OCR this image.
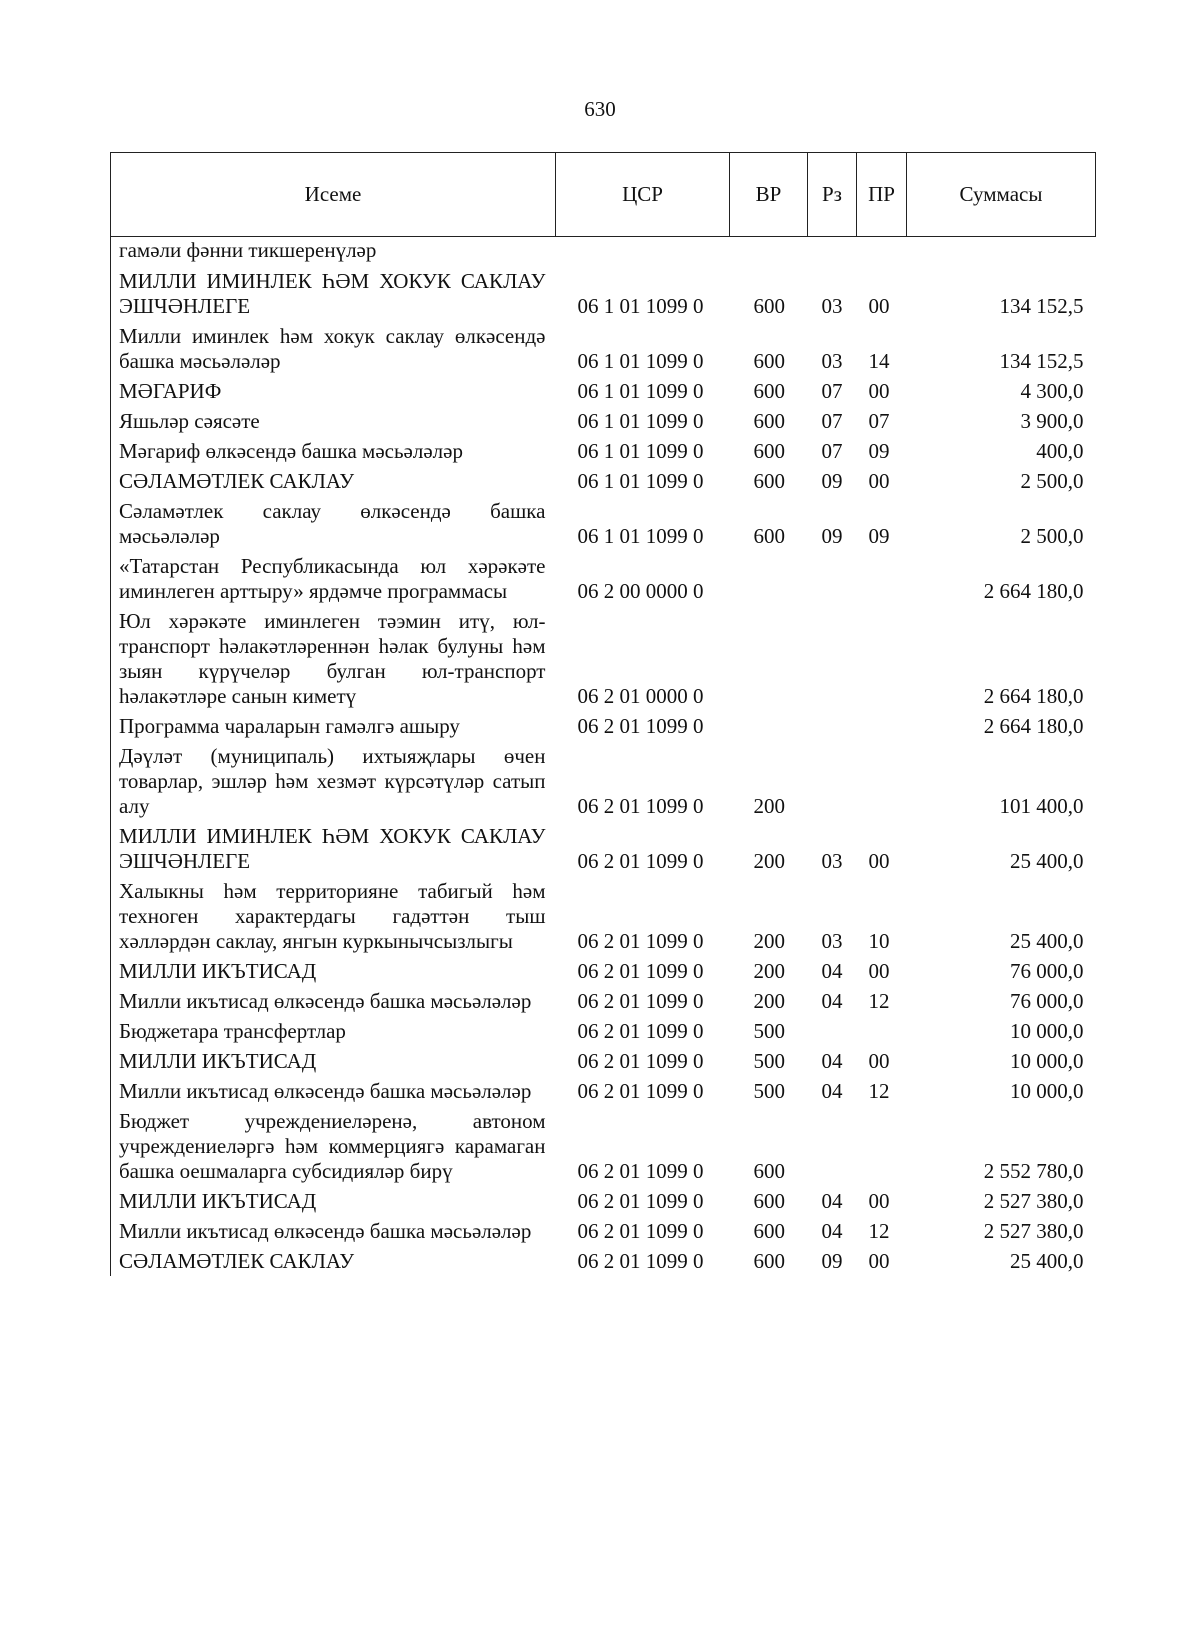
630
Исеме	ЦСР	ВР	Рз	ПР	Суммасы
гамәли фәнни тикшеренүләр					
МИЛЛИ ИМИНЛЕК ҺӘМ ХОКУК САКЛАУ ЭШЧӘНЛЕГЕ	06 1 01 1099 0	600	03	00	134 152,5
Милли иминлек һәм хокук саклау өлкәсендә башка мәсьәләләр	06 1 01 1099 0	600	03	14	134 152,5
МӘГАРИФ	06 1 01 1099 0	600	07	00	4 300,0
Яшьләр сәясәте	06 1 01 1099 0	600	07	07	3 900,0
Мәгариф өлкәсендә башка мәсьәләләр	06 1 01 1099 0	600	07	09	400,0
СӘЛАМӘТЛЕК САКЛАУ	06 1 01 1099 0	600	09	00	2 500,0
Сәламәтлек саклау өлкәсендә башка мәсьәләләр	06 1 01 1099 0	600	09	09	2 500,0
«Татарстан Республикасында юл хәрәкәте иминлеген арттыру» ярдәмче программасы	06 2 00 0000 0				2 664 180,0
Юл хәрәкәте иминлеген тәэмин итү, юл-транспорт һәлакәтләреннән һәлак булуны һәм зыян күрүчеләр булган юл-транспорт һәлакәтләре санын киметү	06 2 01 0000 0				2 664 180,0
Программа чараларын гамәлгә ашыру	06 2 01 1099 0				2 664 180,0
Дәүләт (муниципаль) ихтыяҗлары өчен товарлар, эшләр һәм хезмәт күрсәтүләр сатып алу	06 2 01 1099 0	200			101 400,0
МИЛЛИ ИМИНЛЕК ҺӘМ ХОКУК САКЛАУ ЭШЧӘНЛЕГЕ	06 2 01 1099 0	200	03	00	25 400,0
Халыкны һәм территорияне табигый һәм техноген характердагы гадәттән тыш хәлләрдән саклау, янгын куркынычсызлыгы	06 2 01 1099 0	200	03	10	25 400,0
МИЛЛИ ИКЪТИСАД	06 2 01 1099 0	200	04	00	76 000,0
Милли икътисад өлкәсендә башка мәсьәләләр	06 2 01 1099 0	200	04	12	76 000,0
Бюджетара трансфертлар	06 2 01 1099 0	500			10 000,0
МИЛЛИ ИКЪТИСАД	06 2 01 1099 0	500	04	00	10 000,0
Милли икътисад өлкәсендә башка мәсьәләләр	06 2 01 1099 0	500	04	12	10 000,0
Бюджет учреждениеләренә, автоном учреждениеләргә һәм коммерциягә карамаган башка оешмаларга субсидияләр бирү	06 2 01 1099 0	600			2 552 780,0
МИЛЛИ ИКЪТИСАД	06 2 01 1099 0	600	04	00	2 527 380,0
Милли икътисад өлкәсендә башка мәсьәләләр	06 2 01 1099 0	600	04	12	2 527 380,0
СӘЛАМӘТЛЕК САКЛАУ	06 2 01 1099 0	600	09	00	25 400,0
